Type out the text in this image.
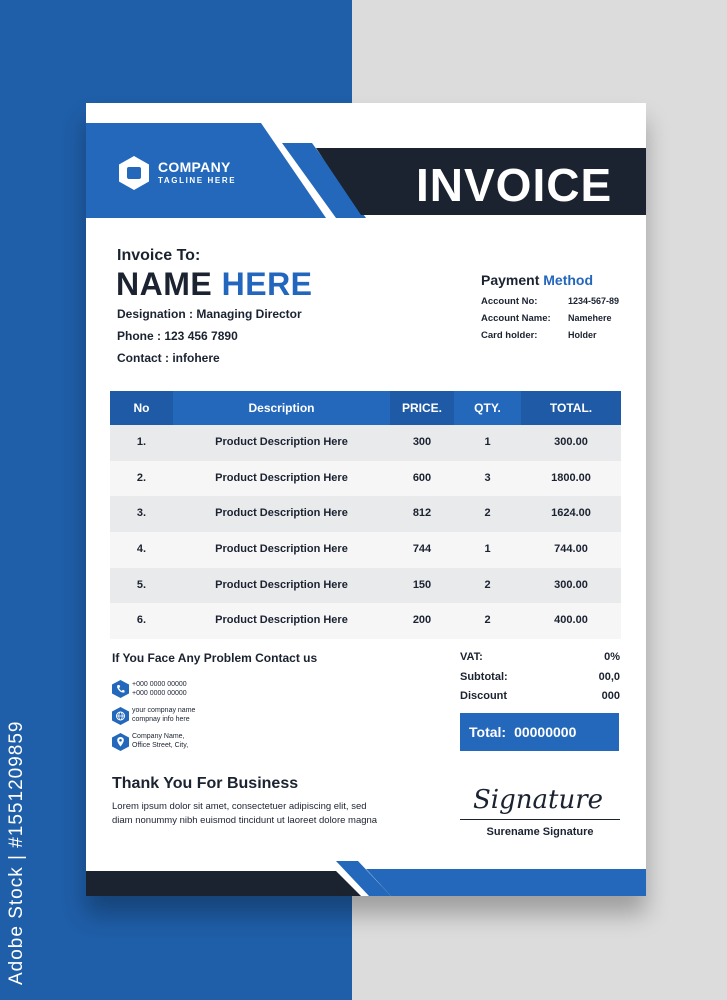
Adobe Stock | #1551209859
COMPANY
TAGLINE HERE	INVOICE
Invoice To:
NAME HERE
Designation : Managing Director
Phone : 123 456 7890
Contact : infohere
Payment Method
Account No:	1234-567-89
Account Name: Namehere
Card holder:	Holder
No	Description	PRICE.	QTY.	TOTAL.
1.	Product Description Here	300	1	300.00
2.	Product Description Here	600	3	1800.00
3.	Product Description Here	812	2	1624.00
4.	Product Description Here	744	1	744.00
5.	Product Description Here	150	2	300.00
6.	Product Description Here	200	2	400.00
If You Face Any Problem Contact us
+000 0000 00000
+000 0000 00000
your compnay name
compnay info here
Company Name,
Office Street, City,
VAT:	0%
Subtotal:	00,0
Discount	000
Total: 00000000
Thank You For Business
Lorem ipsum dolor sit amet, consectetuer adipiscing elit, sed diam nonummy nibh euismod tincidunt ut laoreet dolore magna
Signature
Surename Signature
